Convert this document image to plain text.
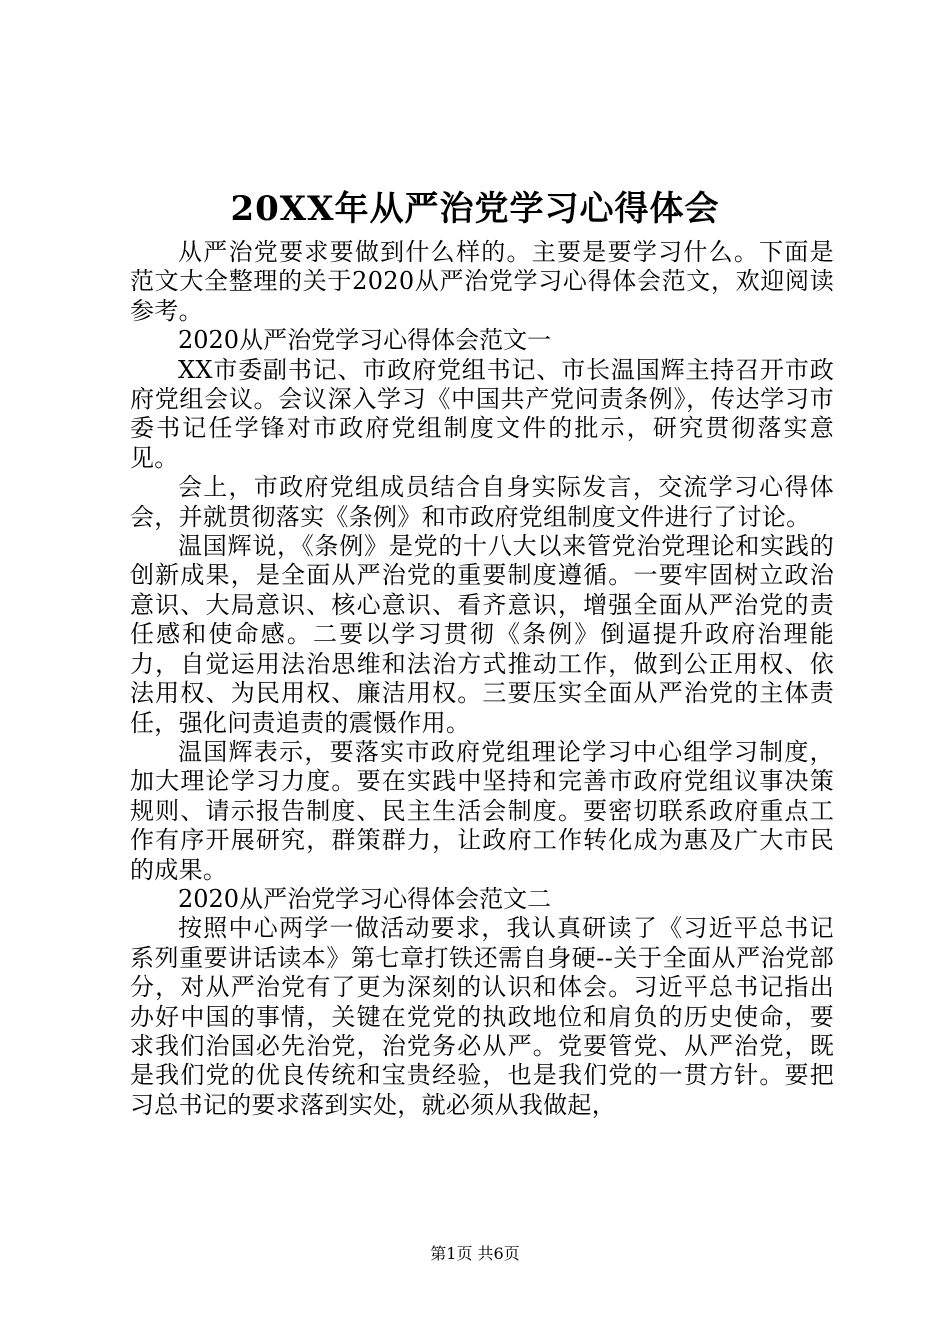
20XX年从严治党学习心得体会

从严治党要求要做到什么样的。主要是要学习什么。下面是范文大全整理的关于2020从严治党学习心得体会范文，欢迎阅读参考。

2020从严治党学习心得体会范文一

XX市委副书记、市政府党组书记、市长温国辉主持召开市政府党组会议。会议深入学习《中国共产党问责条例》，传达学习市委书记任学锋对市政府党组制度文件的批示，研究贯彻落实意见。

会上，市政府党组成员结合自身实际发言，交流学习心得体会，并就贯彻落实《条例》和市政府党组制度文件进行了讨论。

温国辉说，《条例》是党的十八大以来管党治党理论和实践的创新成果，是全面从严治党的重要制度遵循。一要牢固树立政治意识、大局意识、核心意识、看齐意识，增强全面从严治党的责任感和使命感。二要以学习贯彻《条例》倒逼提升政府治理能力，自觉运用法治思维和法治方式推动工作，做到公正用权、依法用权、为民用权、廉洁用权。三要压实全面从严治党的主体责任，强化问责追责的震慑作用。

温国辉表示，要落实市政府党组理论学习中心组学习制度，加大理论学习力度。要在实践中坚持和完善市政府党组议事决策规则、请示报告制度、民主生活会制度。要密切联系政府重点工作有序开展研究，群策群力，让政府工作转化成为惠及广大市民的成果。

2020从严治党学习心得体会范文二

按照中心两学一做活动要求，我认真研读了《习近平总书记系列重要讲话读本》第七章打铁还需自身硬--关于全面从严治党部分，对从严治党有了更为深刻的认识和体会。习近平总书记指出办好中国的事情，关键在党党的执政地位和肩负的历史使命，要求我们治国必先治党，治党务必从严。党要管党、从严治党，既是我们党的优良传统和宝贵经验，也是我们党的一贯方针。要把习总书记的要求落到实处，就必须从我做起，

第1页 共6页
